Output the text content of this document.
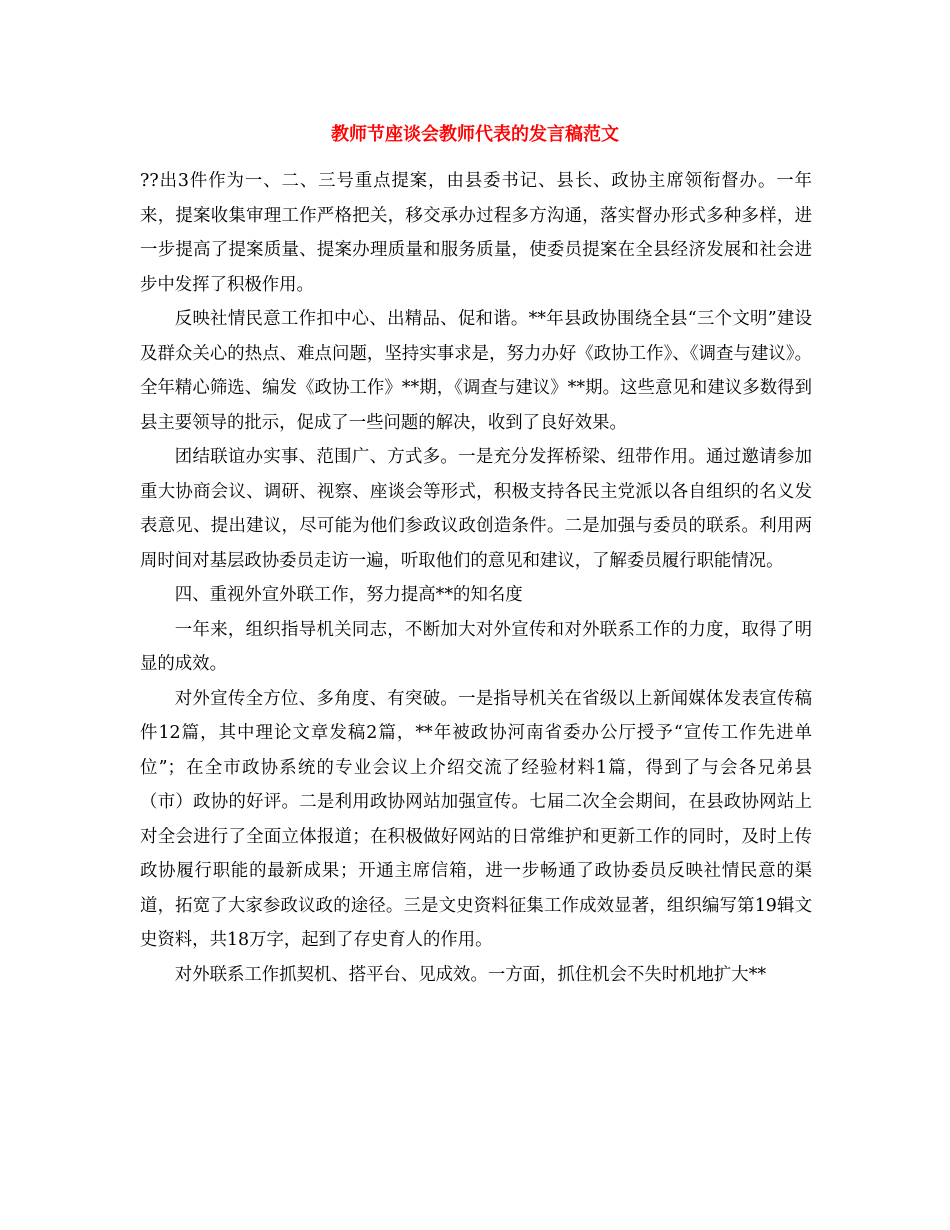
教师节座谈会教师代表的发言稿范文

??出3件作为一、二、三号重点提案，由县委书记、县长、政协主席领衔督办。一年来，提案收集审理工作严格把关，移交承办过程多方沟通，落实督办形式多种多样，进一步提高了提案质量、提案办理质量和服务质量，使委员提案在全县经济发展和社会进步中发挥了积极作用。

反映社情民意工作扣中心、出精品、促和谐。**年县政协围绕全县“三个文明”建设及群众关心的热点、难点问题，坚持实事求是，努力办好《政协工作》、《调查与建议》。全年精心筛选、编发《政协工作》**期，《调查与建议》**期。这些意见和建议多数得到县主要领导的批示，促成了一些问题的解决，收到了良好效果。

团结联谊办实事、范围广、方式多。一是充分发挥桥梁、纽带作用。通过邀请参加重大协商会议、调研、视察、座谈会等形式，积极支持各民主党派以各自组织的名义发表意见、提出建议，尽可能为他们参政议政创造条件。二是加强与委员的联系。利用两周时间对基层政协委员走访一遍，听取他们的意见和建议，了解委员履行职能情况。

四、重视外宣外联工作，努力提高**的知名度

一年来，组织指导机关同志，不断加大对外宣传和对外联系工作的力度，取得了明显的成效。

对外宣传全方位、多角度、有突破。一是指导机关在省级以上新闻媒体发表宣传稿件12篇，其中理论文章发稿2篇，**年被政协河南省委办公厅授予“宣传工作先进单位”；在全市政协系统的专业会议上介绍交流了经验材料1篇，得到了与会各兄弟县（市）政协的好评。二是利用政协网站加强宣传。七届二次全会期间，在县政协网站上对全会进行了全面立体报道；在积极做好网站的日常维护和更新工作的同时，及时上传政协履行职能的最新成果；开通主席信箱，进一步畅通了政协委员反映社情民意的渠道，拓宽了大家参政议政的途径。三是文史资料征集工作成效显著，组织编写第19辑文史资料，共18万字，起到了存史育人的作用。

对外联系工作抓契机、搭平台、见成效。一方面，抓住机会不失时机地扩大**
